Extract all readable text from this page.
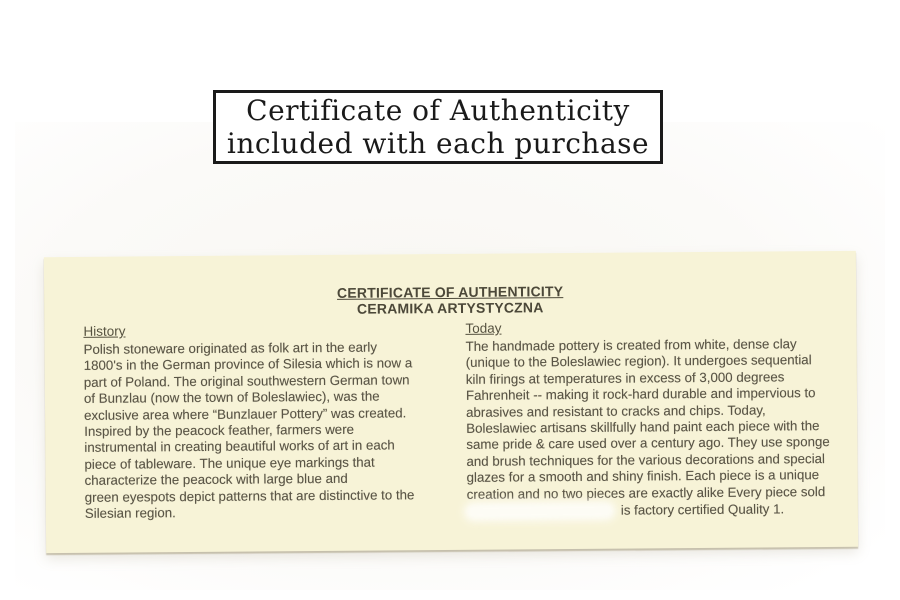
Certificate of Authenticity
included with each purchase
CERTIFICATE OF AUTHENTICITY
CERAMIKA ARTYSTYCZNA
History
Polish stoneware originated as folk art in the early
1800's in the German province of Silesia which is now a
part of Poland. The original southwestern German town
of Bunzlau (now the town of Boleslawiec), was the
exclusive area where “Bunzlauer Pottery” was created.
Inspired by the peacock feather, farmers were
instrumental in creating beautiful works of art in each
piece of tableware. The unique eye markings that
characterize the peacock with large blue and
green eyespots depict patterns that are distinctive to the
Silesian region.
Today
The handmade pottery is created from white, dense clay
(unique to the Boleslawiec region). It undergoes sequential
kiln firings at temperatures in excess of 3,000 degrees
Fahrenheit -- making it rock-hard durable and impervious to
abrasives and resistant to cracks and chips. Today,
Boleslawiec artisans skillfully hand paint each piece with the
same pride & care used over a century ago. They use sponge
and brush techniques for the various decorations and special
glazes for a smooth and shiny finish. Each piece is a unique
creation and no two pieces are exactly alike Every piece sold
is factory certified Quality 1.
